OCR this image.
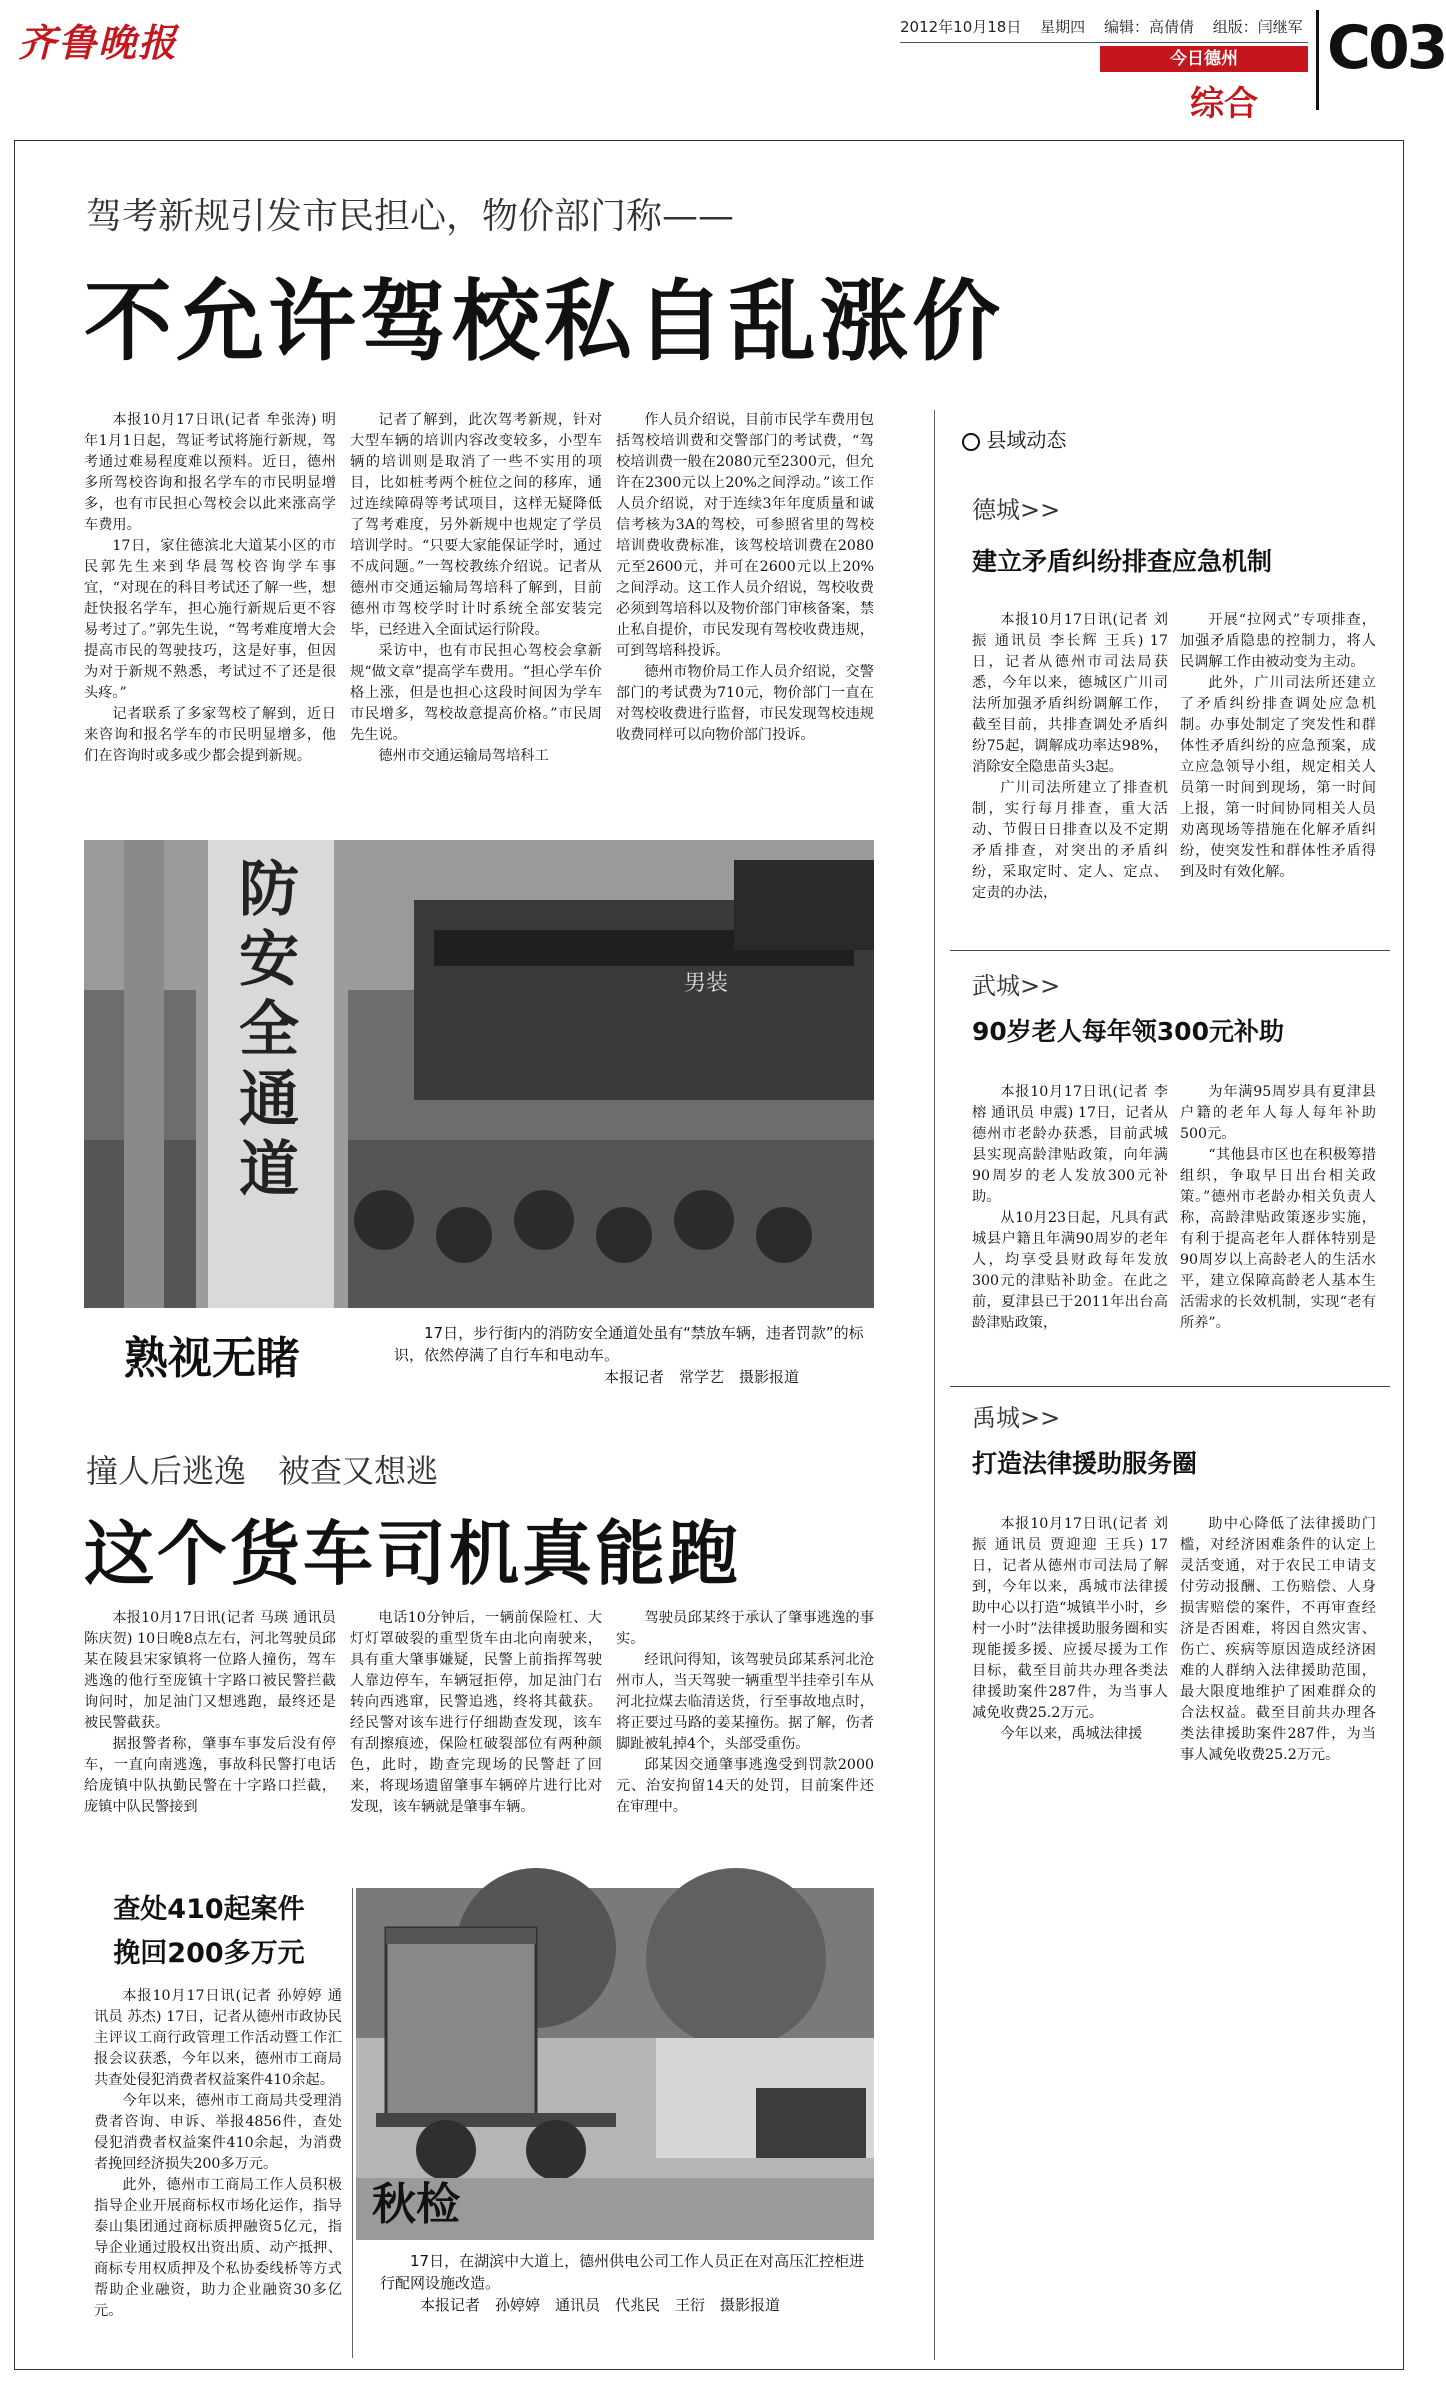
齐鲁晚报	2012年10月18日 星期四 编辑：高倩倩 组版：闫继军
今日德州
综合
C03
驾考新规引发市民担心，物价部门称——
不允许驾校私自乱涨价

本报10月17日讯(记者 牟张涛) 明年1月1日起，驾证考试将施行新规，驾考通过难易程度难以预料。近日，德州多所驾校咨询和报名学车的市民明显增多，也有市民担心驾校会以此来涨高学车费用。

17日，家住德滨北大道某小区的市民郭先生来到华晨驾校咨询学车事宜，“对现在的科目考试还了解一些，想赶快报名学车，担心施行新规后更不容易考过了。”郭先生说，“驾考难度增大会提高市民的驾驶技巧，这是好事，但因为对于新规不熟悉，考试过不了还是很头疼。”

记者联系了多家驾校了解到，近日来咨询和报名学车的市民明显增多，他们在咨询时或多或少都会提到新规。

记者了解到，此次驾考新规，针对大型车辆的培训内容改变较多，小型车辆的培训则是取消了一些不实用的项目，比如桩考两个桩位之间的移库，通过连续障碍等考试项目，这样无疑降低了驾考难度，另外新规中也规定了学员培训学时。“只要大家能保证学时，通过不成问题。”一驾校教练介绍说。记者从德州市交通运输局驾培科了解到，目前德州市驾校学时计时系统全部安装完毕，已经进入全面试运行阶段。

采访中，也有市民担心驾校会拿新规“做文章”提高学车费用。“担心学车价格上涨，但是也担心这段时间因为学车市民增多，驾校故意提高价格。”市民周先生说。

德州市交通运输局驾培科工

作人员介绍说，目前市民学车费用包括驾校培训费和交警部门的考试费，“驾校培训费一般在2080元至2300元，但允许在2300元以上20%之间浮动。”该工作人员介绍说，对于连续3年年度质量和诚信考核为3A的驾校，可参照省里的驾校培训费收费标准，该驾校培训费在2080元至2600元，并可在2600元以上20%之间浮动。这工作人员介绍说，驾校收费必须到驾培科以及物价部门审核备案，禁止私自提价，市民发现有驾校收费违规，可到驾培科投诉。

德州市物价局工作人员介绍说，交警部门的考试费为710元，物价部门一直在对驾校收费进行监督，市民发现驾校违规收费同样可以向物价部门投诉。

防
安
全
通
道
男装
熟视无睹	17日，步行街内的消防安全通道处虽有“禁放车辆，违者罚款”的标识，依然停满了自行车和电动车。
本报记者　常学艺　摄影报道
撞人后逃逸　被查又想逃
这个货车司机真能跑

本报10月17日讯(记者 马瑛 通讯员 陈庆贺) 10日晚8点左右，河北驾驶员邱某在陵县宋家镇将一位路人撞伤，驾车逃逸的他行至庞镇十字路口被民警拦截询问时，加足油门又想逃跑，最终还是被民警截获。

据报警者称，肇事车事发后没有停车，一直向南逃逸，事故科民警打电话给庞镇中队执勤民警在十字路口拦截，庞镇中队民警接到

电话10分钟后，一辆前保险杠、大灯灯罩破裂的重型货车由北向南驶来，具有重大肇事嫌疑，民警上前指挥驾驶人靠边停车，车辆冠拒停，加足油门右转向西逃窜，民警追逃，终将其截获。经民警对该车进行仔细勘查发现，该车有刮擦痕迹，保险杠破裂部位有两种颜色，此时，勘查完现场的民警赶了回来，将现场遗留肇事车辆碎片进行比对发现，该车辆就是肇事车辆。

驾驶员邱某终于承认了肇事逃逸的事实。

经讯问得知，该驾驶员邱某系河北沧州市人，当天驾驶一辆重型半挂牵引车从河北拉煤去临清送货，行至事故地点时，将正要过马路的姜某撞伤。据了解，伤者脚趾被轧掉4个，头部受重伤。

邱某因交通肇事逃逸受到罚款2000元、治安拘留14天的处罚，目前案件还在审理中。

查处410起案件
挽回200多万元

本报10月17日讯(记者 孙婷婷 通讯员 苏杰) 17日，记者从德州市政协民主评议工商行政管理工作活动暨工作汇报会议获悉，今年以来，德州市工商局共查处侵犯消费者权益案件410余起。

今年以来，德州市工商局共受理消费者咨询、申诉、举报4856件，查处侵犯消费者权益案件410余起，为消费者挽回经济损失200多万元。

此外，德州市工商局工作人员积极指导企业开展商标权市场化运作，指导泰山集团通过商标质押融资5亿元，指导企业通过股权出资出质、动产抵押、商标专用权质押及个私协委线桥等方式帮助企业融资，助力企业融资30多亿元。

秋检
17日，在湖滨中大道上，德州供电公司工作人员正在对高压汇控柜进行配网设施改造。
本报记者　孙婷婷　通讯员　代兆民　王衍　摄影报道
县域动态
德城>>
建立矛盾纠纷排查应急机制

本报10月17日讯(记者 刘振 通讯员 李长辉 王兵) 17日，记者从德州市司法局获悉，今年以来，德城区广川司法所加强矛盾纠纷调解工作，截至目前，共排查调处矛盾纠纷75起，调解成功率达98%，消除安全隐患苗头3起。

广川司法所建立了排查机制，实行每月排查，重大活动、节假日日排查以及不定期矛盾排查，对突出的矛盾纠纷，采取定时、定人、定点、定责的办法，

开展“拉网式”专项排查，加强矛盾隐患的控制力，将人民调解工作由被动变为主动。

此外，广川司法所还建立了矛盾纠纷排查调处应急机制。办事处制定了突发性和群体性矛盾纠纷的应急预案，成立应急领导小组，规定相关人员第一时间到现场，第一时间上报，第一时间协同相关人员劝离现场等措施在化解矛盾纠纷，使突发性和群体性矛盾得到及时有效化解。

武城>>
90岁老人每年领300元补助

本报10月17日讯(记者 李榕 通讯员 申震) 17日，记者从德州市老龄办获悉，目前武城县实现高龄津贴政策，向年满90周岁的老人发放300元补助。

从10月23日起，凡具有武城县户籍且年满90周岁的老年人，均享受县财政每年发放300元的津贴补助金。在此之前，夏津县已于2011年出台高龄津贴政策，

为年满95周岁具有夏津县户籍的老年人每人每年补助500元。

“其他县市区也在积极筹措组织，争取早日出台相关政策。”德州市老龄办相关负责人称，高龄津贴政策逐步实施，有利于提高老年人群体特别是90周岁以上高龄老人的生活水平，建立保障高龄老人基本生活需求的长效机制，实现“老有所养”。

禹城>>
打造法律援助服务圈

本报10月17日讯(记者 刘振 通讯员 贾迎迎 王兵) 17日，记者从德州市司法局了解到，今年以来，禹城市法律援助中心以打造“城镇半小时，乡村一小时”法律援助服务圈和实现能援多援、应援尽援为工作目标，截至目前共办理各类法律援助案件287件，为当事人减免收费25.2万元。

今年以来，禹城法律援

助中心降低了法律援助门槛，对经济困难条件的认定上灵活变通，对于农民工申请支付劳动报酬、工伤赔偿、人身损害赔偿的案件，不再审查经济是否困难，将因自然灾害、伤亡、疾病等原因造成经济困难的人群纳入法律援助范围，最大限度地维护了困难群众的合法权益。截至目前共办理各类法律援助案件287件，为当事人减免收费25.2万元。
